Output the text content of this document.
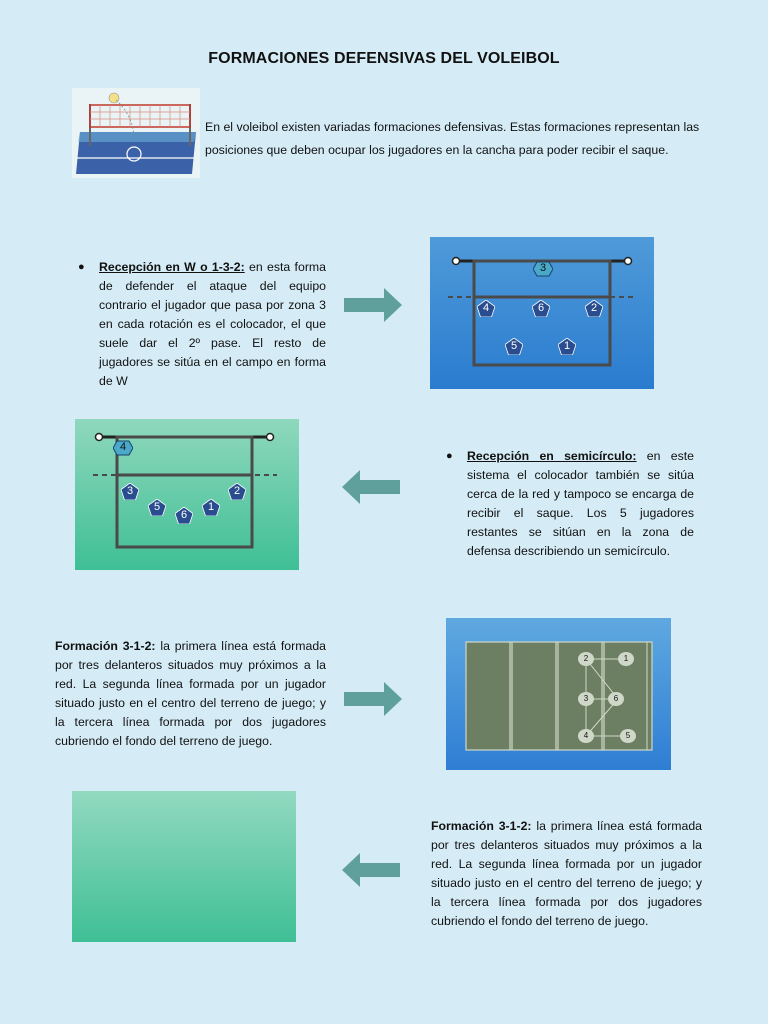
FORMACIONES DEFENSIVAS DEL VOLEIBOL
En el voleibol existen variadas formaciones defensivas. Estas formaciones representan las posiciones que deben ocupar los jugadores en la cancha para poder recibir el saque.
●	Recepción en W o 1-3-2: en esta forma de defender el ataque del equipo contrario el jugador que pasa por zona 3 en cada rotación es el colocador, el que suele dar el 2º pase. El resto de jugadores se sitúa en el campo en forma de W
3
4	6	2
5	1
4
3	2
5
6
1
●	Recepción en semicírculo: en este sistema el colocador también se sitúa cerca de la red y tampoco se encarga de recibir el saque. Los 5 jugadores restantes se sitúan en la zona de defensa describiendo un semicírculo.
Formación 3-1-2: la primera línea está formada por tres delanteros situados muy próximos a la red. La segunda línea formada por un jugador situado justo en el centro del terreno de juego; y la tercera línea formada por dos jugadores cubriendo el fondo del terreno de juego.
2	1
3	6
4	5
Formación 3-1-2: la primera línea está formada por tres delanteros situados muy próximos a la red. La segunda línea formada por un jugador situado justo en el centro del terreno de juego; y la tercera línea formada por dos jugadores cubriendo el fondo del terreno de juego.
